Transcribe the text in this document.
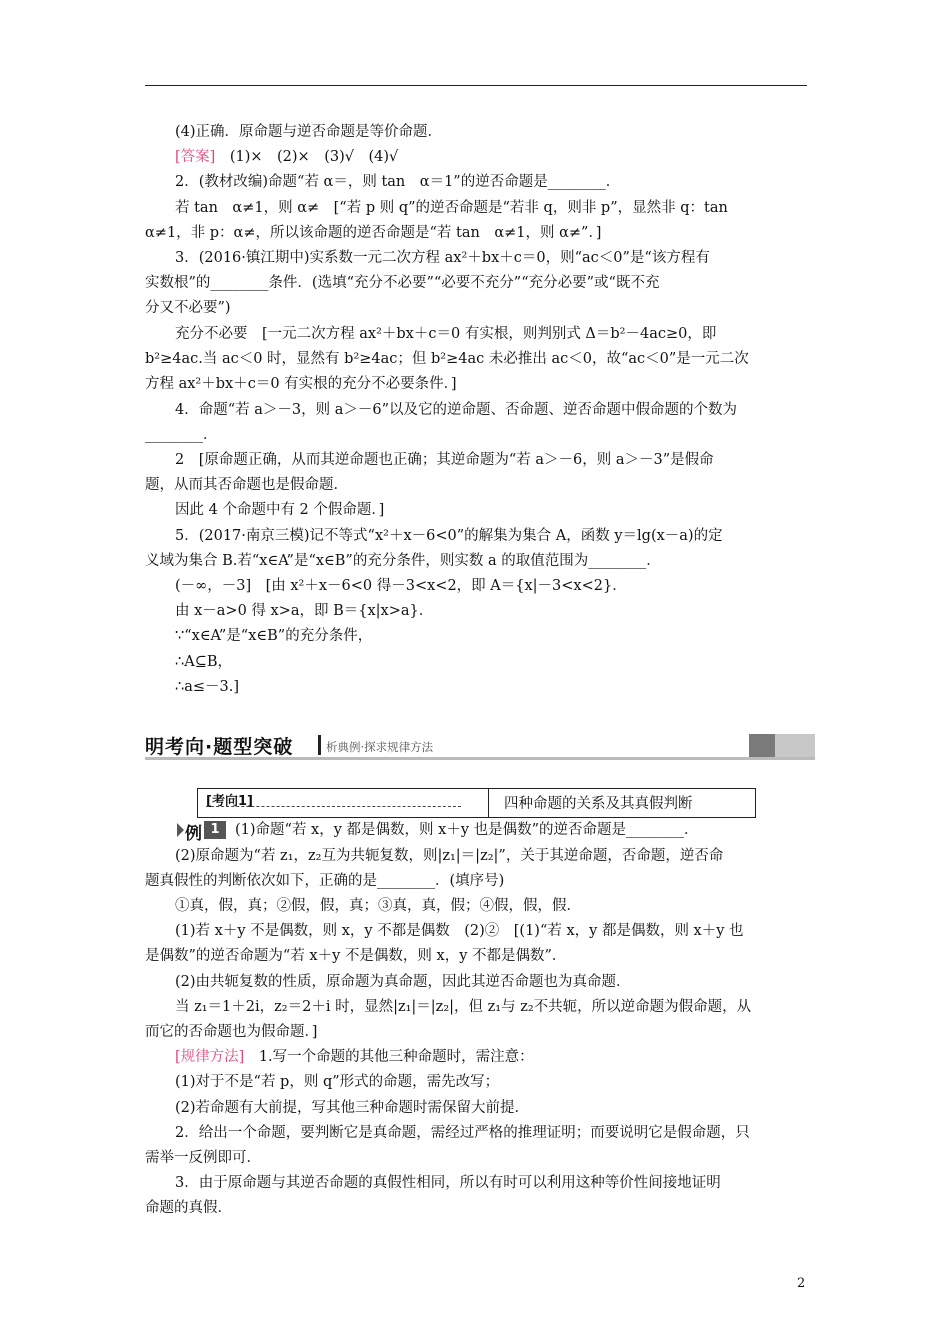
(4)正确．原命题与逆否命题是等价命题．
[答案]　 (1)×　(2)×　(3)√　(4)√
2．(教材改编)命题“若 α＝，则 tan　α＝1”的逆否命题是________．
若 tan　α≠1，则 α≠　[“若 p 则 q”的逆否命题是“若非 q，则非 p”，显然非 q：tan
α≠1，非 p：α≠，所以该命题的逆否命题是“若 tan　α≠1，则 α≠”．]
3．(2016·镇江期中)实系数一元二次方程 ax²＋bx＋c＝0，则“ac＜0”是“该方程有
实数根”的________条件．(选填“充分不必要”“必要不充分”“充分必要”或“既不充
分又不必要”)
充分不必要　[一元二次方程 ax²＋bx＋c＝0 有实根，则判别式 Δ＝b²－4ac≥0，即
b²≥4ac.当 ac＜0 时，显然有 b²≥4ac；但 b²≥4ac 未必推出 ac＜0，故“ac＜0”是一元二次
方程 ax²＋bx＋c＝0 有实根的充分不必要条件．]
4．命题“若 a＞－3，则 a＞－6”以及它的逆命题、否命题、逆否命题中假命题的个数为
________．
2　[原命题正确，从而其逆命题也正确；其逆命题为“若 a＞－6，则 a＞－3”是假命
题，从而其否命题也是假命题．
因此 4 个命题中有 2 个假命题．]
5．(2017·南京三模)记不等式“x²＋x－6<0”的解集为集合 A，函数 y＝lg(x－a)的定
义域为集合 B.若“x∈A”是“x∈B”的充分条件，则实数 a 的取值范围为________．
(－∞，－3]　[由 x²＋x－6<0 得－3<x<2，即 A＝{x|－3<x<2}．
由 x－a>0 得 x>a，即 B＝{x|x>a}．
∵“x∈A”是“x∈B”的充分条件，
∴A⊆B，
∴a≤－3.]
明考向·题型突破	析典例·探求规律方法
[考向1]	四种命题的关系及其真假判断
例 1	(1)命题“若 x，y 都是偶数，则 x＋y 也是偶数”的逆否命题是________．
(2)原命题为“若 z₁，z₂互为共轭复数，则|z₁|＝|z₂|”，关于其逆命题，否命题，逆否命
题真假性的判断依次如下，正确的是________．(填序号)
①真，假，真；②假，假，真；③真，真，假；④假，假，假．
(1)若 x＋y 不是偶数，则 x，y 不都是偶数　(2)②　[(1)“若 x，y 都是偶数，则 x＋y 也
是偶数”的逆否命题为“若 x＋y 不是偶数，则 x，y 不都是偶数”．
(2)由共轭复数的性质，原命题为真命题，因此其逆否命题也为真命题．
当 z₁＝1＋2i，z₂＝2＋i 时，显然|z₁|＝|z₂|，但 z₁与 z₂不共轭，所以逆命题为假命题，从
而它的否命题也为假命题．]
[规律方法]　 1.写一个命题的其他三种命题时，需注意：
(1)对于不是“若 p，则 q”形式的命题，需先改写；
(2)若命题有大前提，写其他三种命题时需保留大前提．
2．给出一个命题，要判断它是真命题，需经过严格的推理证明；而要说明它是假命题，只
需举一反例即可．
3．由于原命题与其逆否命题的真假性相同，所以有时可以利用这种等价性间接地证明
命题的真假．
2
